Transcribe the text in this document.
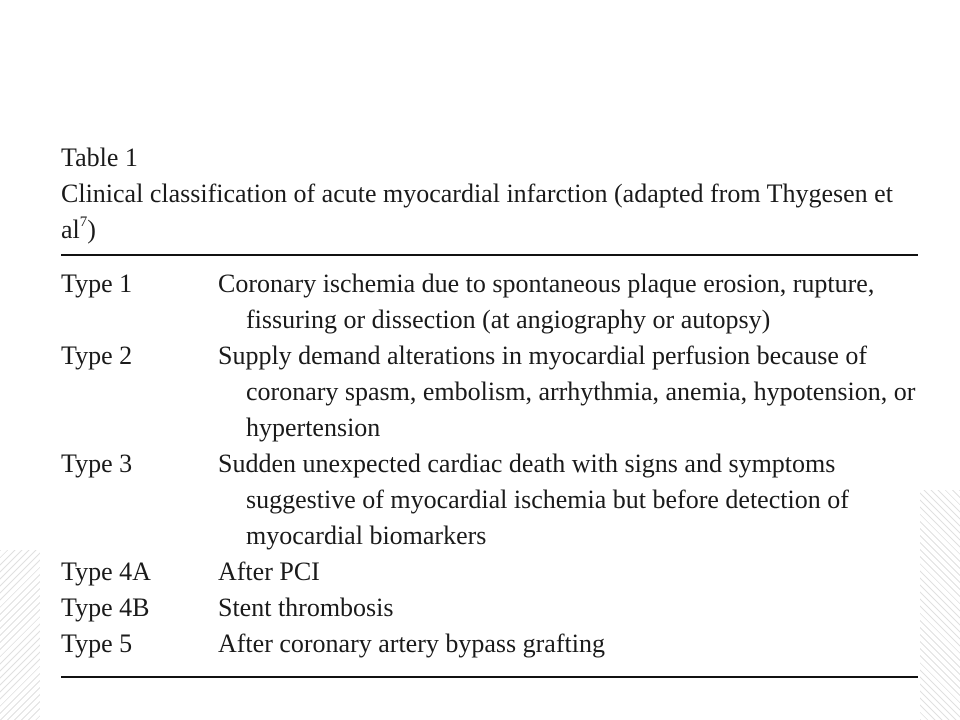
Table 1
Clinical classification of acute myocardial infarction (adapted from Thygesen et $al^7$)
Type 1	Coronary ischemia due to spontaneous plaque erosion, rupture, fissuring or dissection (at angiography or autopsy)
Type 2	Supply demand alterations in myocardial perfusion because of coronary spasm, embolism, arrhythmia, anemia, hypotension, or hypertension
Type 3	Sudden unexpected cardiac death with signs and symptoms suggestive of myocardial ischemia but before detection of myocardial biomarkers
Type 4A	After PCI
Type 4B	Stent thrombosis
Type 5	After coronary artery bypass grafting
